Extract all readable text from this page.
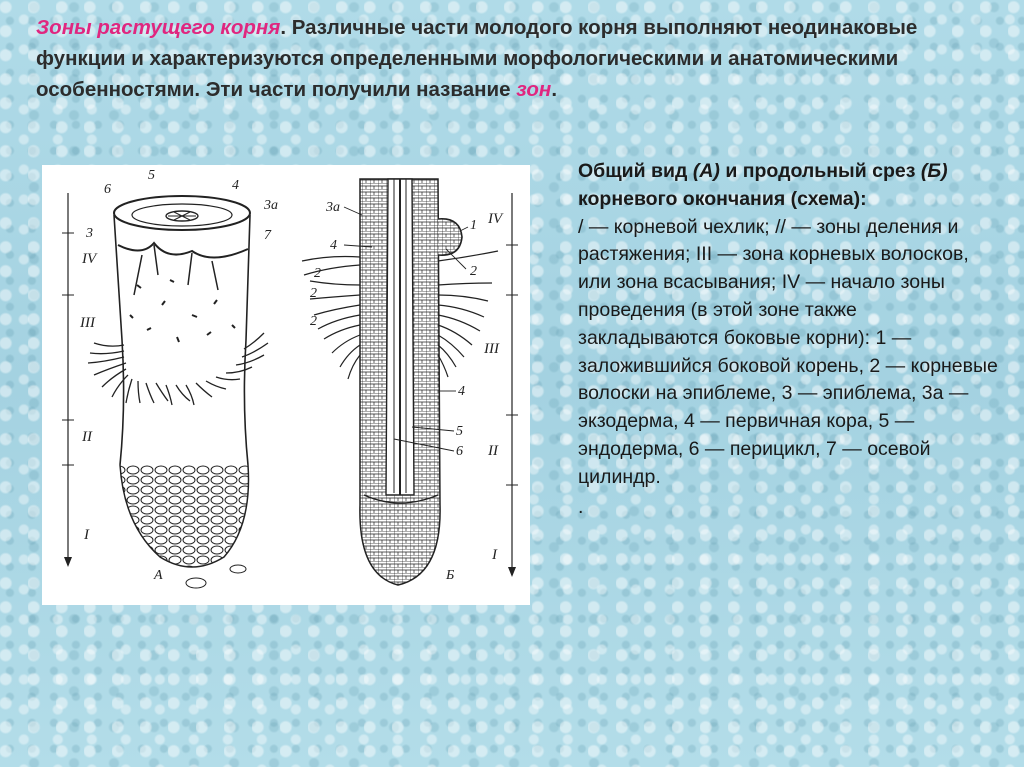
Зоны растущего корня. Различные части молодого корня выполняют неодинаковые функции и характеризуются определенными морфологическими и анатомическими особенностями. Эти части получили название зон.
IV
III
II
I
6
5
4
3а
7
3
А
IV
III
II
I
3а
4
2
2
2
1
2
4
5
6
Б
Общий вид (А) и продольный срез (Б) корневого окончания (схема):
/ — корневой чехлик; // — зоны деления и растяжения; III — зона корневых волосков, или зона всасывания; IV — начало зоны проведения (в этой зоне также закладываются боковые корни): 1 — заложившийся боковой корень, 2 — корневые волоски на эпиблеме, 3 — эпиблема, 3а — экзодерма, 4 — первичная кора, 5 — эндодерма, 6 — перицикл, 7 — осевой цилиндр.
.
